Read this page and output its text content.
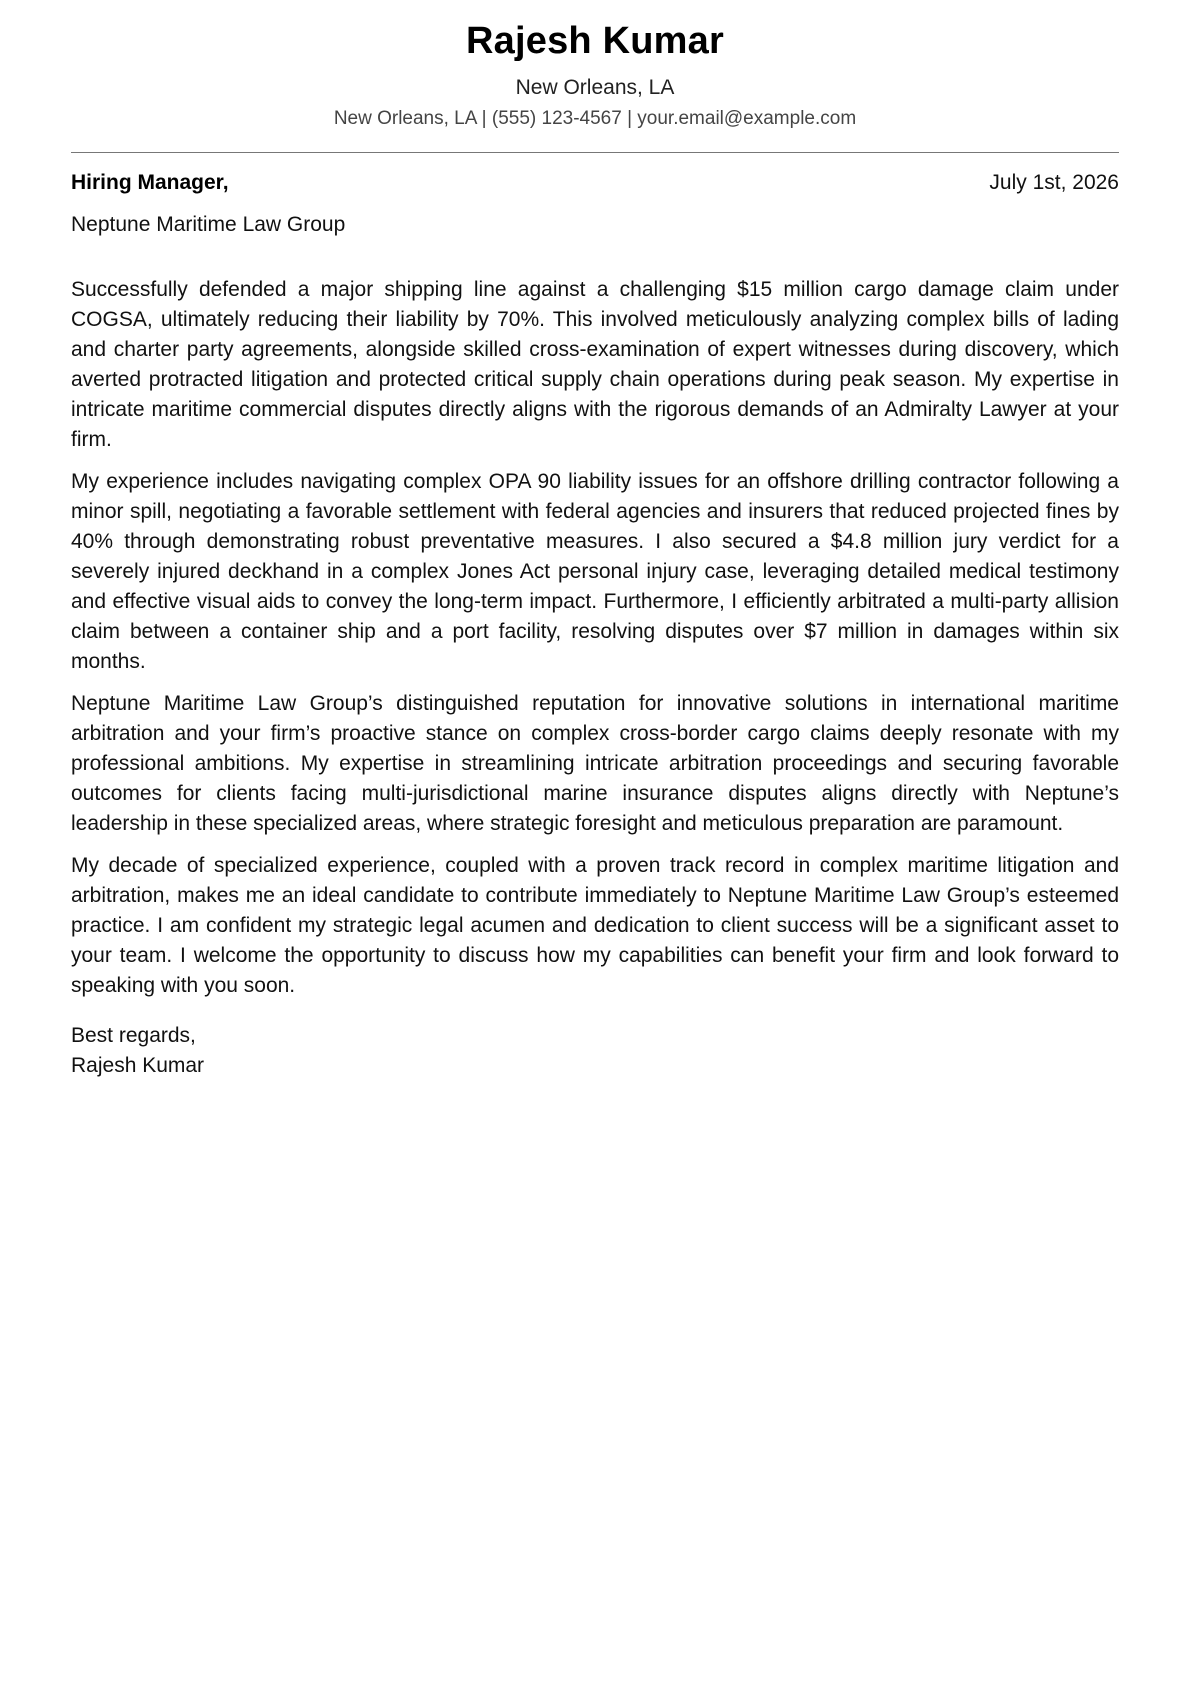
Rajesh Kumar
New Orleans, LA
New Orleans, LA | (555) 123-4567 | your.email@example.com
Hiring Manager,	July 1st, 2026
Neptune Maritime Law Group

Successfully defended a major shipping line against a challenging $15 million cargo damage claim under COGSA, ultimately reducing their liability by 70%. This involved meticulously analyzing complex bills of lading and charter party agreements, alongside skilled cross-examination of expert witnesses during discovery, which averted protracted litigation and protected critical supply chain operations during peak season. My expertise in intricate maritime commercial disputes directly aligns with the rigorous demands of an Admiralty Lawyer at your firm.

My experience includes navigating complex OPA 90 liability issues for an offshore drilling contractor following a minor spill, negotiating a favorable settlement with federal agencies and insurers that reduced projected fines by 40% through demonstrating robust preventative measures. I also secured a $4.8 million jury verdict for a severely injured deckhand in a complex Jones Act personal injury case, leveraging detailed medical testimony and effective visual aids to convey the long-term impact. Furthermore, I efficiently arbitrated a multi-party allision claim between a container ship and a port facility, resolving disputes over $7 million in damages within six months.

Neptune Maritime Law Group’s distinguished reputation for innovative solutions in international maritime arbitration and your firm’s proactive stance on complex cross-border cargo claims deeply resonate with my professional ambitions. My expertise in streamlining intricate arbitration proceedings and securing favorable outcomes for clients facing multi-jurisdictional marine insurance disputes aligns directly with Neptune’s leadership in these specialized areas, where strategic foresight and meticulous preparation are paramount.

My decade of specialized experience, coupled with a proven track record in complex maritime litigation and arbitration, makes me an ideal candidate to contribute immediately to Neptune Maritime Law Group’s esteemed practice. I am confident my strategic legal acumen and dedication to client success will be a significant asset to your team. I welcome the opportunity to discuss how my capabilities can benefit your firm and look forward to speaking with you soon.

Best regards,
Rajesh Kumar
